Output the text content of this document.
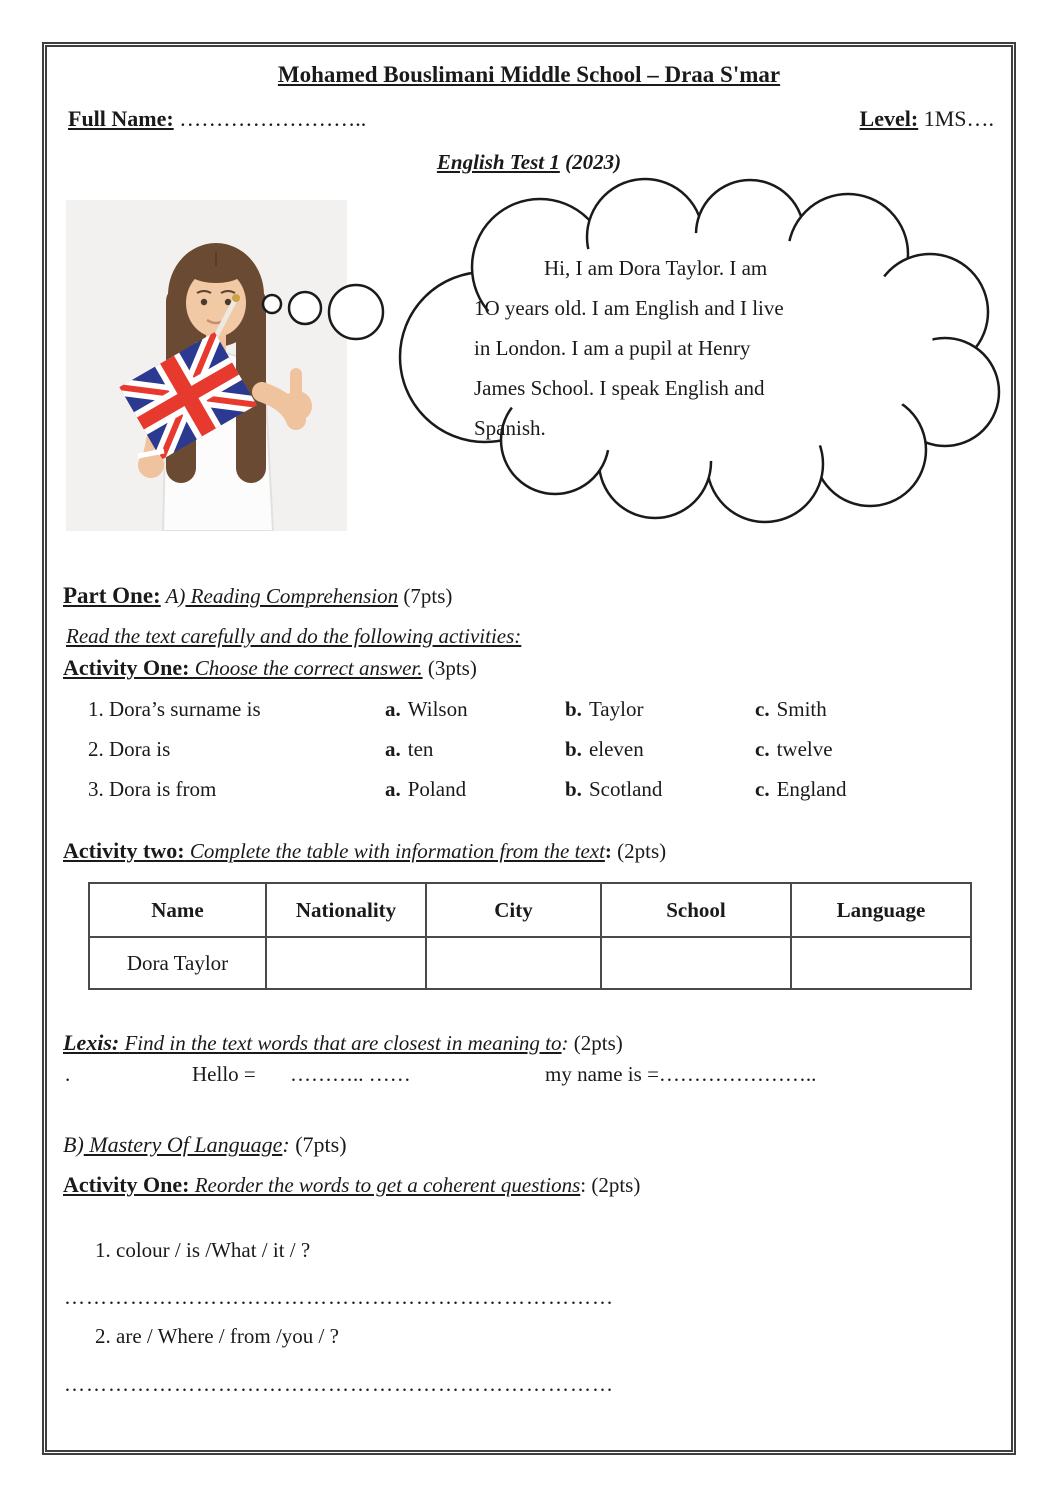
Mohamed Bouslimani Middle School – Draa S'mar
Full Name: ……………………..	Level: 1MS….
English Test 1 (2023)
Hi, I am Dora Taylor. I am
1O years old. I am English and I live
in London. I am a pupil at Henry
James School. I speak English and
Spanish.
Part One: A) Reading Comprehension (7pts)
Read the text carefully and do the following activities:
Activity One: Choose the correct answer. (3pts)
1. Dora’s surname is	a. Wilson	b. Taylor	c. Smith
2. Dora is	a. ten	b. eleven	c. twelve
3. Dora is from	a. Poland	b. Scotland	c. England
Activity two: Complete the table with information from the text: (2pts)
Name	Nationality	City	School	Language
Dora Taylor				
Lexis: Find in the text words that are closest in meaning to: (2pts)
.	Hello = ……….. ……	my name is =…………………..
B) Mastery Of Language: (7pts)
Activity One: Reorder the words to get a coherent questions: (2pts)
1. colour / is /What / it / ?
…………………………………………………………………
2. are / Where / from /you / ?
…………………………………………………………………
